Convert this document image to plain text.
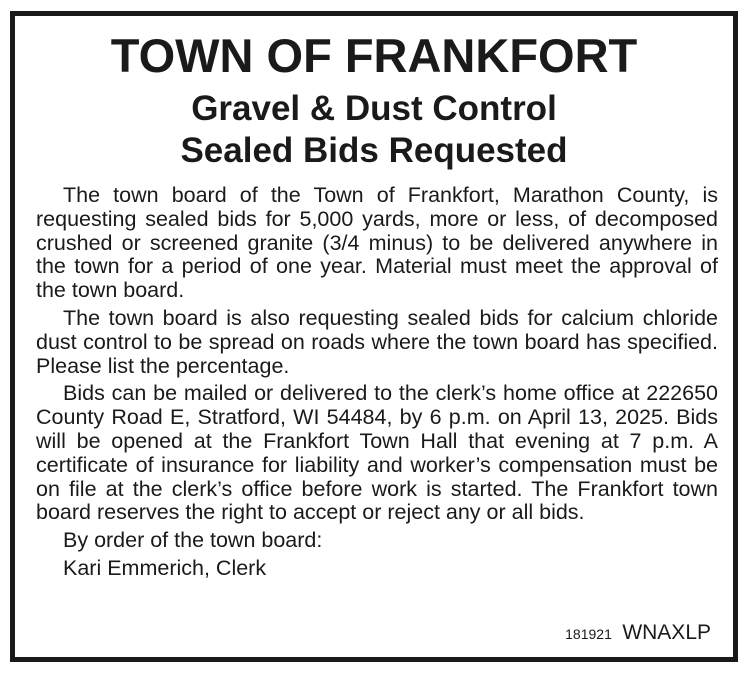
TOWN OF FRANKFORT
Gravel & Dust Control
Sealed Bids Requested

The town board of the Town of Frankfort, Marathon County, is requesting sealed bids for 5,000 yards, more or less, of decomposed crushed or screened granite (3/4 minus) to be delivered anywhere in the town for a period of one year. Material must meet the approval of the town board.

The town board is also requesting sealed bids for calcium chloride dust control to be spread on roads where the town board has specified. Please list the percentage.

Bids can be mailed or delivered to the clerk’s home office at 222650 County Road E, Stratford, WI 54484, by 6 p.m. on April 13, 2025. Bids will be opened at the Frankfort Town Hall that evening at 7 p.m. A certificate of insurance for liability and worker’s compensation must be on file at the clerk’s office before work is started. The Frankfort town board reserves the right to accept or reject any or all bids.

By order of the town board:

Kari Emmerich, Clerk

181921 WNAXLP
